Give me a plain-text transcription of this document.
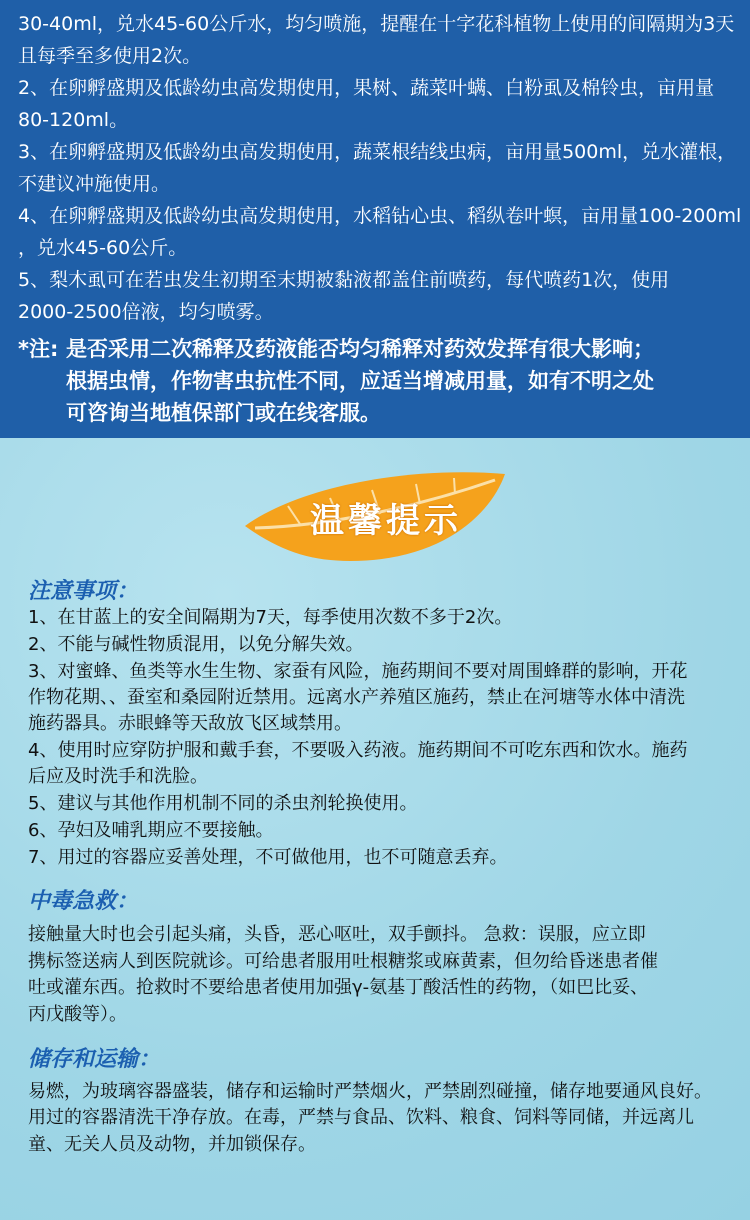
30-40ml，兑水45-60公斤水，均匀喷施，提醒在十字花科植物上使用的间隔期为3天
且每季至多使用2次。
2、在卵孵盛期及低龄幼虫高发期使用，果树、蔬菜叶螨、白粉虱及棉铃虫，亩用量
80-120ml。
3、在卵孵盛期及低龄幼虫高发期使用，蔬菜根结线虫病，亩用量500ml，兑水灌根，
不建议冲施使用。
4、在卵孵盛期及低龄幼虫高发期使用，水稻钻心虫、稻纵卷叶螟，亩用量100-200ml
，兑水45-60公斤。
5、梨木虱可在若虫发生初期至末期被黏液都盖住前喷药，每代喷药1次，使用
2000-2500倍液，均匀喷雾。
*注: 是否采用二次稀释及药液能否均匀稀释对药效发挥有很大影响；
根据虫情，作物害虫抗性不同，应适当增减用量，如有不明之处
可咨询当地植保部门或在线客服。
温馨提示
注意事项：
1、在甘蓝上的安全间隔期为7天，每季使用次数不多于2次。
2、不能与碱性物质混用，以免分解失效。
3、对蜜蜂、鱼类等水生生物、家蚕有风险，施药期间不要对周围蜂群的影响，开花
作物花期、、蚕室和桑园附近禁用。远离水产养殖区施药，禁止在河塘等水体中清洗
施药器具。赤眼蜂等天敌放飞区域禁用。
4、使用时应穿防护服和戴手套，不要吸入药液。施药期间不可吃东西和饮水。施药
后应及时洗手和洗脸。
5、建议与其他作用机制不同的杀虫剂轮换使用。
6、孕妇及哺乳期应不要接触。
7、用过的容器应妥善处理，不可做他用，也不可随意丢弃。
中毒急救：
接触量大时也会引起头痛，头昏，恶心呕吐，双手颤抖。 急救：误服，应立即
携标签送病人到医院就诊。可给患者服用吐根糖浆或麻黄素，但勿给昏迷患者催
吐或灌东西。抢救时不要给患者使用加强γ-氨基丁酸活性的药物，（如巴比妥、
丙戊酸等）。
储存和运输：
易燃，为玻璃容器盛装，储存和运输时严禁烟火，严禁剧烈碰撞，储存地要通风良好。
用过的容器清洗干净存放。在毒，严禁与食品、饮料、粮食、饲料等同储，并远离儿
童、无关人员及动物，并加锁保存。
